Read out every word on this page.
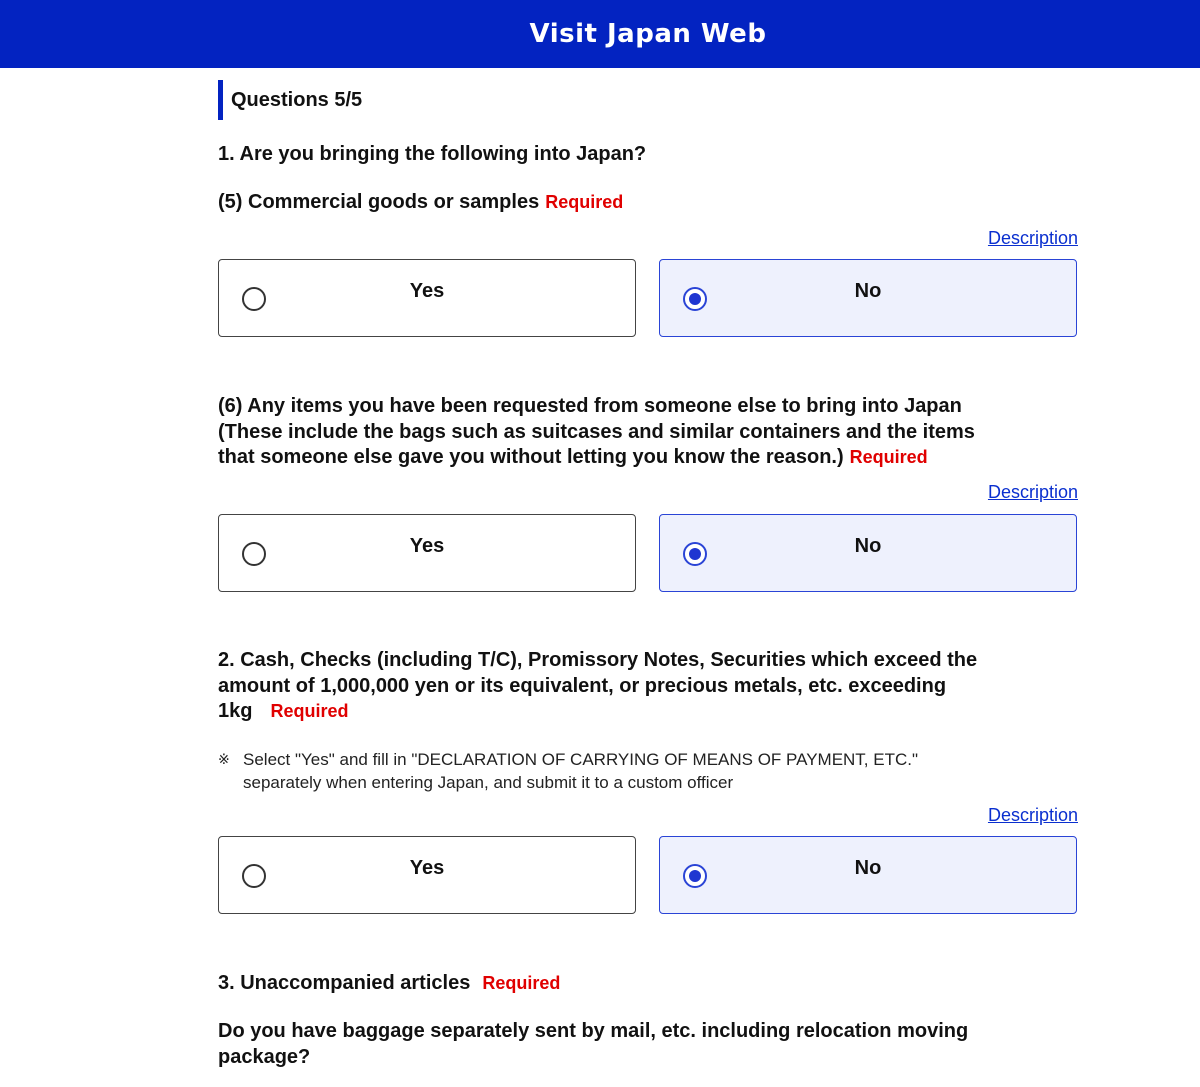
Visit Japan Web
Questions 5/5
1. Are you bringing the following into Japan?
(5) Commercial goods or samples Required
Description
Yes	No
(6) Any items you have been requested from someone else to bring into Japan
(These include the bags such as suitcases and similar containers and the items
that someone else gave you without letting you know the reason.) Required
Description
Yes	No
2. Cash, Checks (including T/C), Promissory Notes, Securities which exceed the
amount of 1,000,000 yen or its equivalent, or precious metals, etc. exceeding
1kg Required
※ Select "Yes" and fill in "DECLARATION OF CARRYING OF MEANS OF PAYMENT, ETC."
separately when entering Japan, and submit it to a custom officer
Description
Yes	No
3. Unaccompanied articles Required
Do you have baggage separately sent by mail, etc. including relocation moving
package?
